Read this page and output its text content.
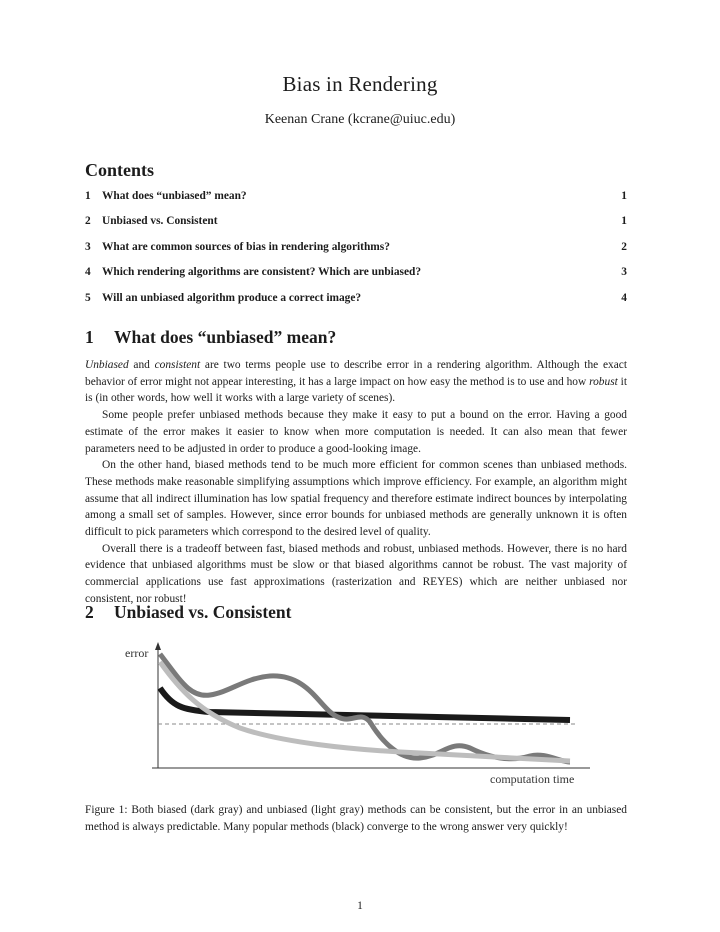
Bias in Rendering
Keenan Crane (kcrane@uiuc.edu)
Contents
1 What does “unbiased” mean?	1
2 Unbiased vs. Consistent	1
3 What are common sources of bias in rendering algorithms?	2
4 Which rendering algorithms are consistent? Which are unbiased?	3
5 Will an unbiased algorithm produce a correct image?	4
1 What does “unbiased” mean?

Unbiased and consistent are two terms people use to describe error in a rendering algorithm. Although the exact behavior of error might not appear interesting, it has a large impact on how easy the method is to use and how robust it is (in other words, how well it works with a large variety of scenes).

Some people prefer unbiased methods because they make it easy to put a bound on the error. Having a good estimate of the error makes it easier to know when more computation is needed. It can also mean that fewer parameters need to be adjusted in order to produce a good-looking image.

On the other hand, biased methods tend to be much more efficient for common scenes than unbiased methods. These methods make reasonable simplifying assumptions which improve efficiency. For example, an algorithm might assume that all indirect illumination has low spatial frequency and therefore estimate indirect bounces by interpolating among a small set of samples. However, since error bounds for unbiased methods are generally unknown it is often difficult to pick parameters which correspond to the desired level of quality.

Overall there is a tradeoff between fast, biased methods and robust, unbiased methods. However, there is no hard evidence that unbiased algorithms must be slow or that biased algorithms cannot be robust. The vast majority of commercial applications use fast approximations (rasterization and REYES) which are neither unbiased nor consistent, nor robust!

2 Unbiased vs. Consistent
error
computation time
Figure 1: Both biased (dark gray) and unbiased (light gray) methods can be consistent, but the error in an unbiased method is always predictable. Many popular methods (black) converge to the wrong answer very quickly!
1
